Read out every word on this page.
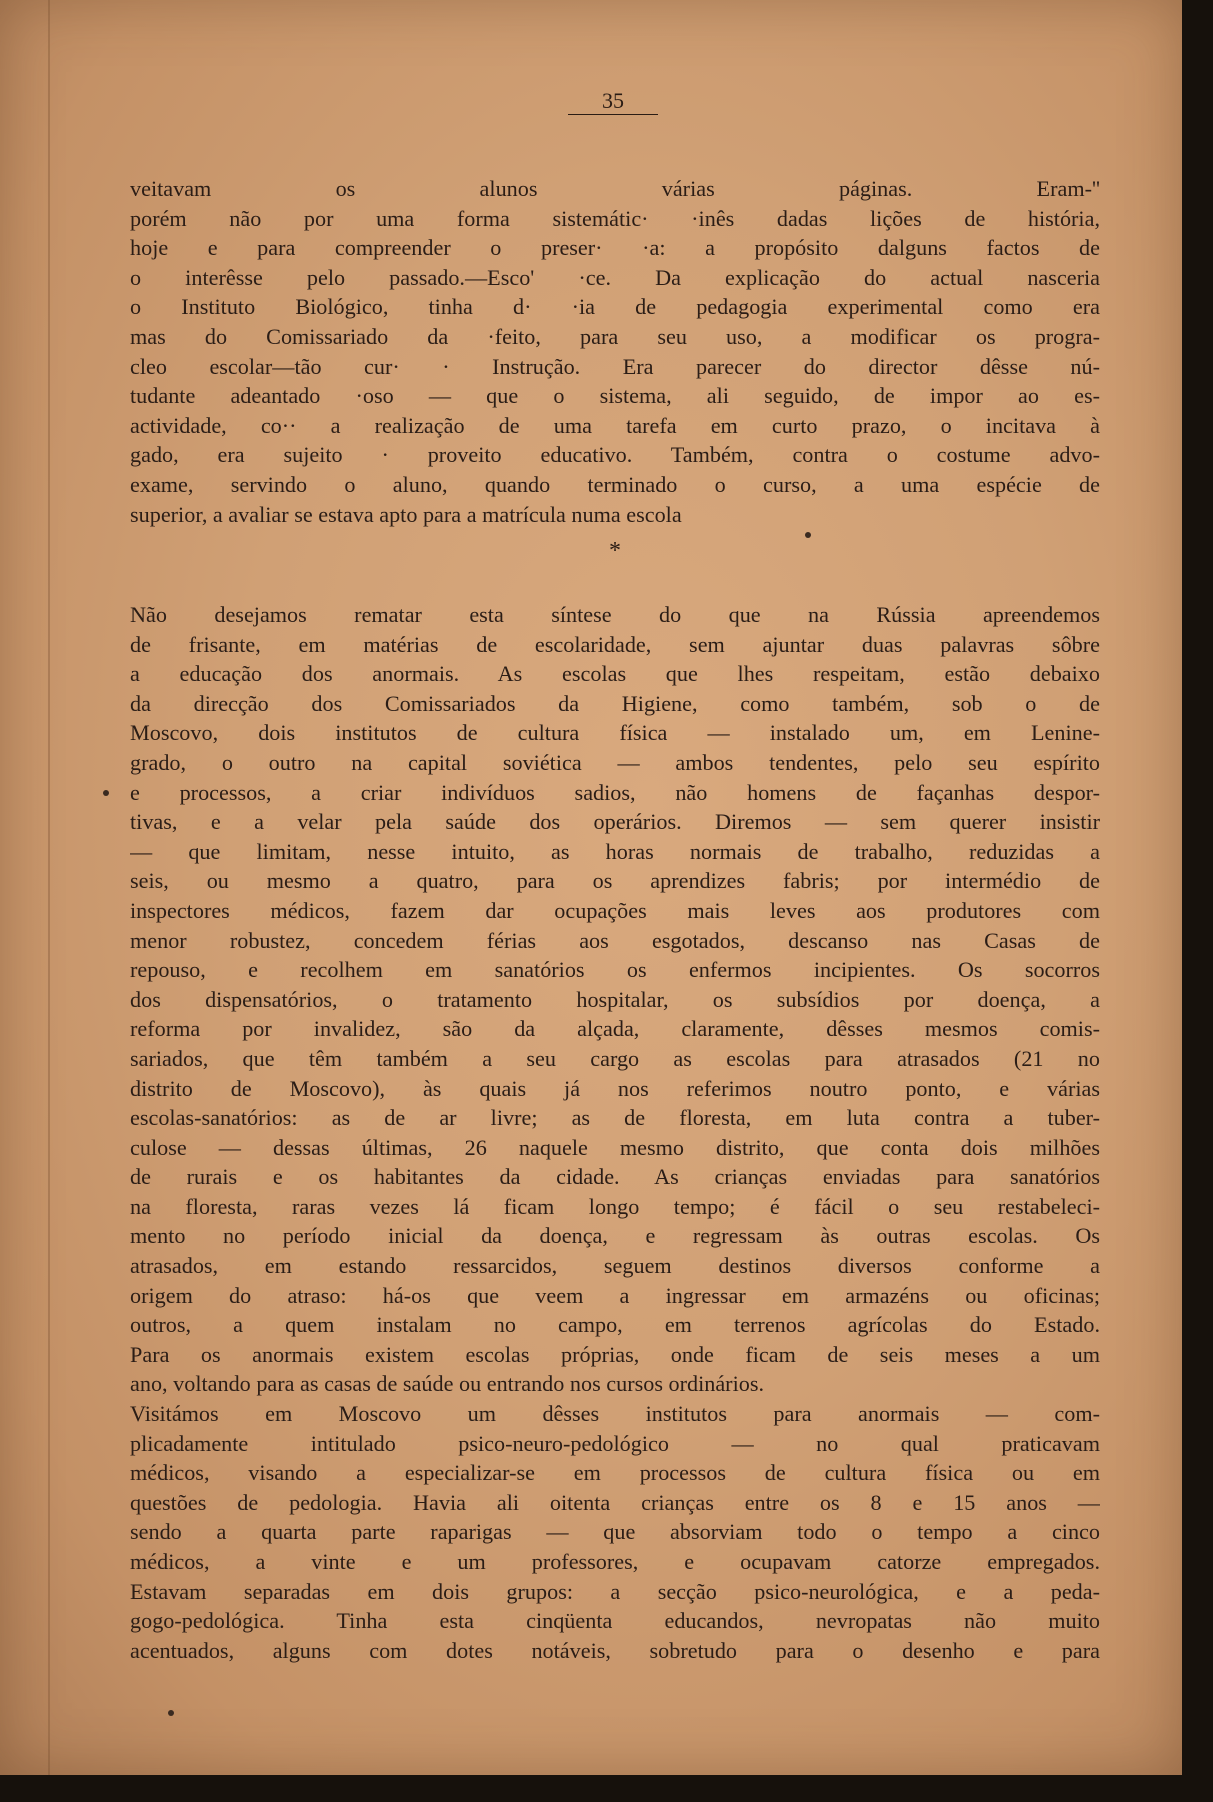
35
veitavam os alunos várias páginas. Eram-''
porém não por uma forma sistemátic· ·inês dadas lições de história,
hoje e para compreender o preser· ·a: a propósito dalguns factos de
o interêsse pelo passado.—Esco' ·ce. Da explicação do actual nasceria
o Instituto Biológico, tinha d· ·ia de pedagogia experimental como era
mas do Comissariado da ·feito, para seu uso, a modificar os progra-
cleo escolar—tão cur· · Instrução. Era parecer do director dêsse nú-
tudante adeantado ·oso — que o sistema, ali seguido, de impor ao es-
actividade, co·· a realização de uma tarefa em curto prazo, o incitava à
gado, era sujeito · proveito educativo. Também, contra o costume advo-
exame, servindo o aluno, quando terminado o curso, a uma espécie de
superior, a avaliar se estava apto para a matrícula numa escola
*
Não desejamos rematar esta síntese do que na Rússia apreendemos
de frisante, em matérias de escolaridade, sem ajuntar duas palavras sôbre
a educação dos anormais. As escolas que lhes respeitam, estão debaixo
da direcção dos Comissariados da Higiene, como também, sob o de
Moscovo, dois institutos de cultura física — instalado um, em Lenine-
grado, o outro na capital soviética — ambos tendentes, pelo seu espírito
e processos, a criar indivíduos sadios, não homens de façanhas despor-
tivas, e a velar pela saúde dos operários. Diremos — sem querer insistir
— que limitam, nesse intuito, as horas normais de trabalho, reduzidas a
seis, ou mesmo a quatro, para os aprendizes fabris; por intermédio de
inspectores médicos, fazem dar ocupações mais leves aos produtores com
menor robustez, concedem férias aos esgotados, descanso nas Casas de
repouso, e recolhem em sanatórios os enfermos incipientes. Os socorros
dos dispensatórios, o tratamento hospitalar, os subsídios por doença, a
reforma por invalidez, são da alçada, claramente, dêsses mesmos comis-
sariados, que têm também a seu cargo as escolas para atrasados (21 no
distrito de Moscovo), às quais já nos referimos noutro ponto, e várias
escolas-sanatórios: as de ar livre; as de floresta, em luta contra a tuber-
culose — dessas últimas, 26 naquele mesmo distrito, que conta dois milhões
de rurais e os habitantes da cidade. As crianças enviadas para sanatórios
na floresta, raras vezes lá ficam longo tempo; é fácil o seu restabeleci-
mento no período inicial da doença, e regressam às outras escolas. Os
atrasados, em estando ressarcidos, seguem destinos diversos conforme a
origem do atraso: há-os que veem a ingressar em armazéns ou oficinas;
outros, a quem instalam no campo, em terrenos agrícolas do Estado.
Para os anormais existem escolas próprias, onde ficam de seis meses a um
ano, voltando para as casas de saúde ou entrando nos cursos ordinários.
Visitámos em Moscovo um dêsses institutos para anormais — com-
plicadamente intitulado psico-neuro-pedológico — no qual praticavam
médicos, visando a especializar-se em processos de cultura física ou em
questões de pedologia. Havia ali oitenta crianças entre os 8 e 15 anos —
sendo a quarta parte raparigas — que absorviam todo o tempo a cinco
médicos, a vinte e um professores, e ocupavam catorze empregados.
Estavam separadas em dois grupos: a secção psico-neurológica, e a peda-
gogo-pedológica. Tinha esta cinqüenta educandos, nevropatas não muito
acentuados, alguns com dotes notáveis, sobretudo para o desenho e para
